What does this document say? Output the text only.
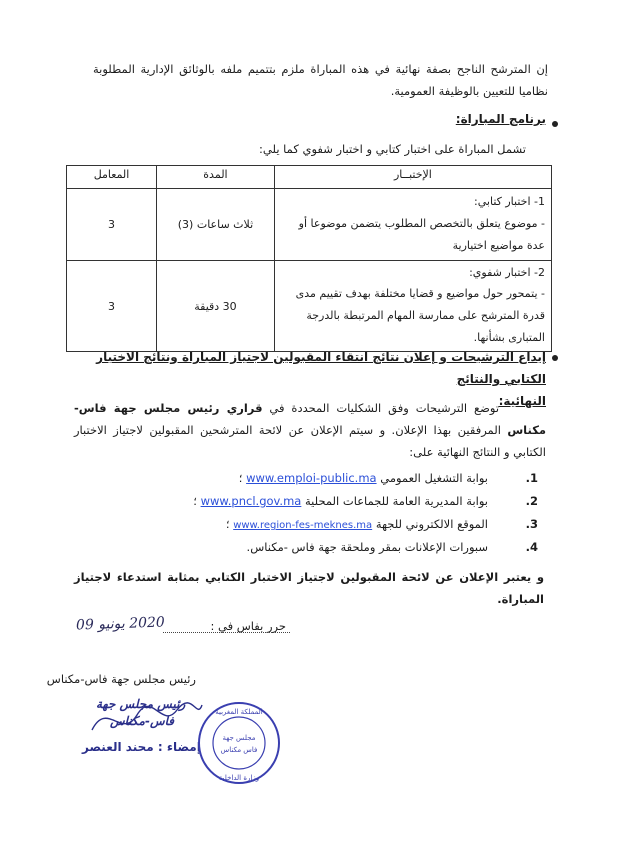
إن المترشح الناجح بصفة نهائية في هذه المباراة ملزم بتتميم ملفه بالوثائق الإدارية المطلوبة نظاميا للتعيين بالوظيفة العمومية.
برنامج المباراة:
تشمل المباراة على اختبار كتابي و اختبار شفوي كما يلي:
الإختبــار	المدة	المعامل

1- اختبار كتابي:
- موضوع يتعلق بالتخصص المطلوب يتضمن موضوعا أو عدة مواضيع اختيارية	ثلاث ساعات (3)	3

2- اختبار شفوي:
- يتمحور حول مواضيع و قضايا مختلفة بهدف تقييم مدى قدرة المترشح على ممارسة المهام المرتبطة بالدرجة المتبارى بشأنها.	30 دقيقة	3
إيداع الترشيحات و إعلان نتائج انتقاء المقبولين لاجتياز المباراة ونتائج الاختبار الكتابي والنتائج
النهائية:
توضع الترشيحات وفق الشكليات المحددة في قراري رئيس مجلس جهة فاس-مكناس المرفقين بهذا الإعلان. و سيتم الإعلان عن لائحة المترشحين المقبولين لاجتياز الاختبار الكتابي و النتائج النهائية على:
1.
بوابة التشغيل العمومي www.emploi-public.ma ؛
2.
بوابة المديرية العامة للجماعات المحلية www.pncl.gov.ma ؛
3.
الموقع الالكتروني للجهة www.region-fes-meknes.ma ؛
4.
سبورات الإعلانات بمقر وملحقة جهة فاس -مكناس.
و يعتبر الإعلان عن لائحة المقبولين لاجتياز الاختبار الكتابي بمثابة استدعاء لاجتياز المباراة.
حرر بفاس في :
2020 يونيو 09
رئيس مجلس جهة فاس-مكناس
رئيس مجلس جهة
فاس-مكناس
إمضاء : محند العنصر
المملكة المغربية
مجلس جهة
فاس مكناس
وزارة الداخلية
